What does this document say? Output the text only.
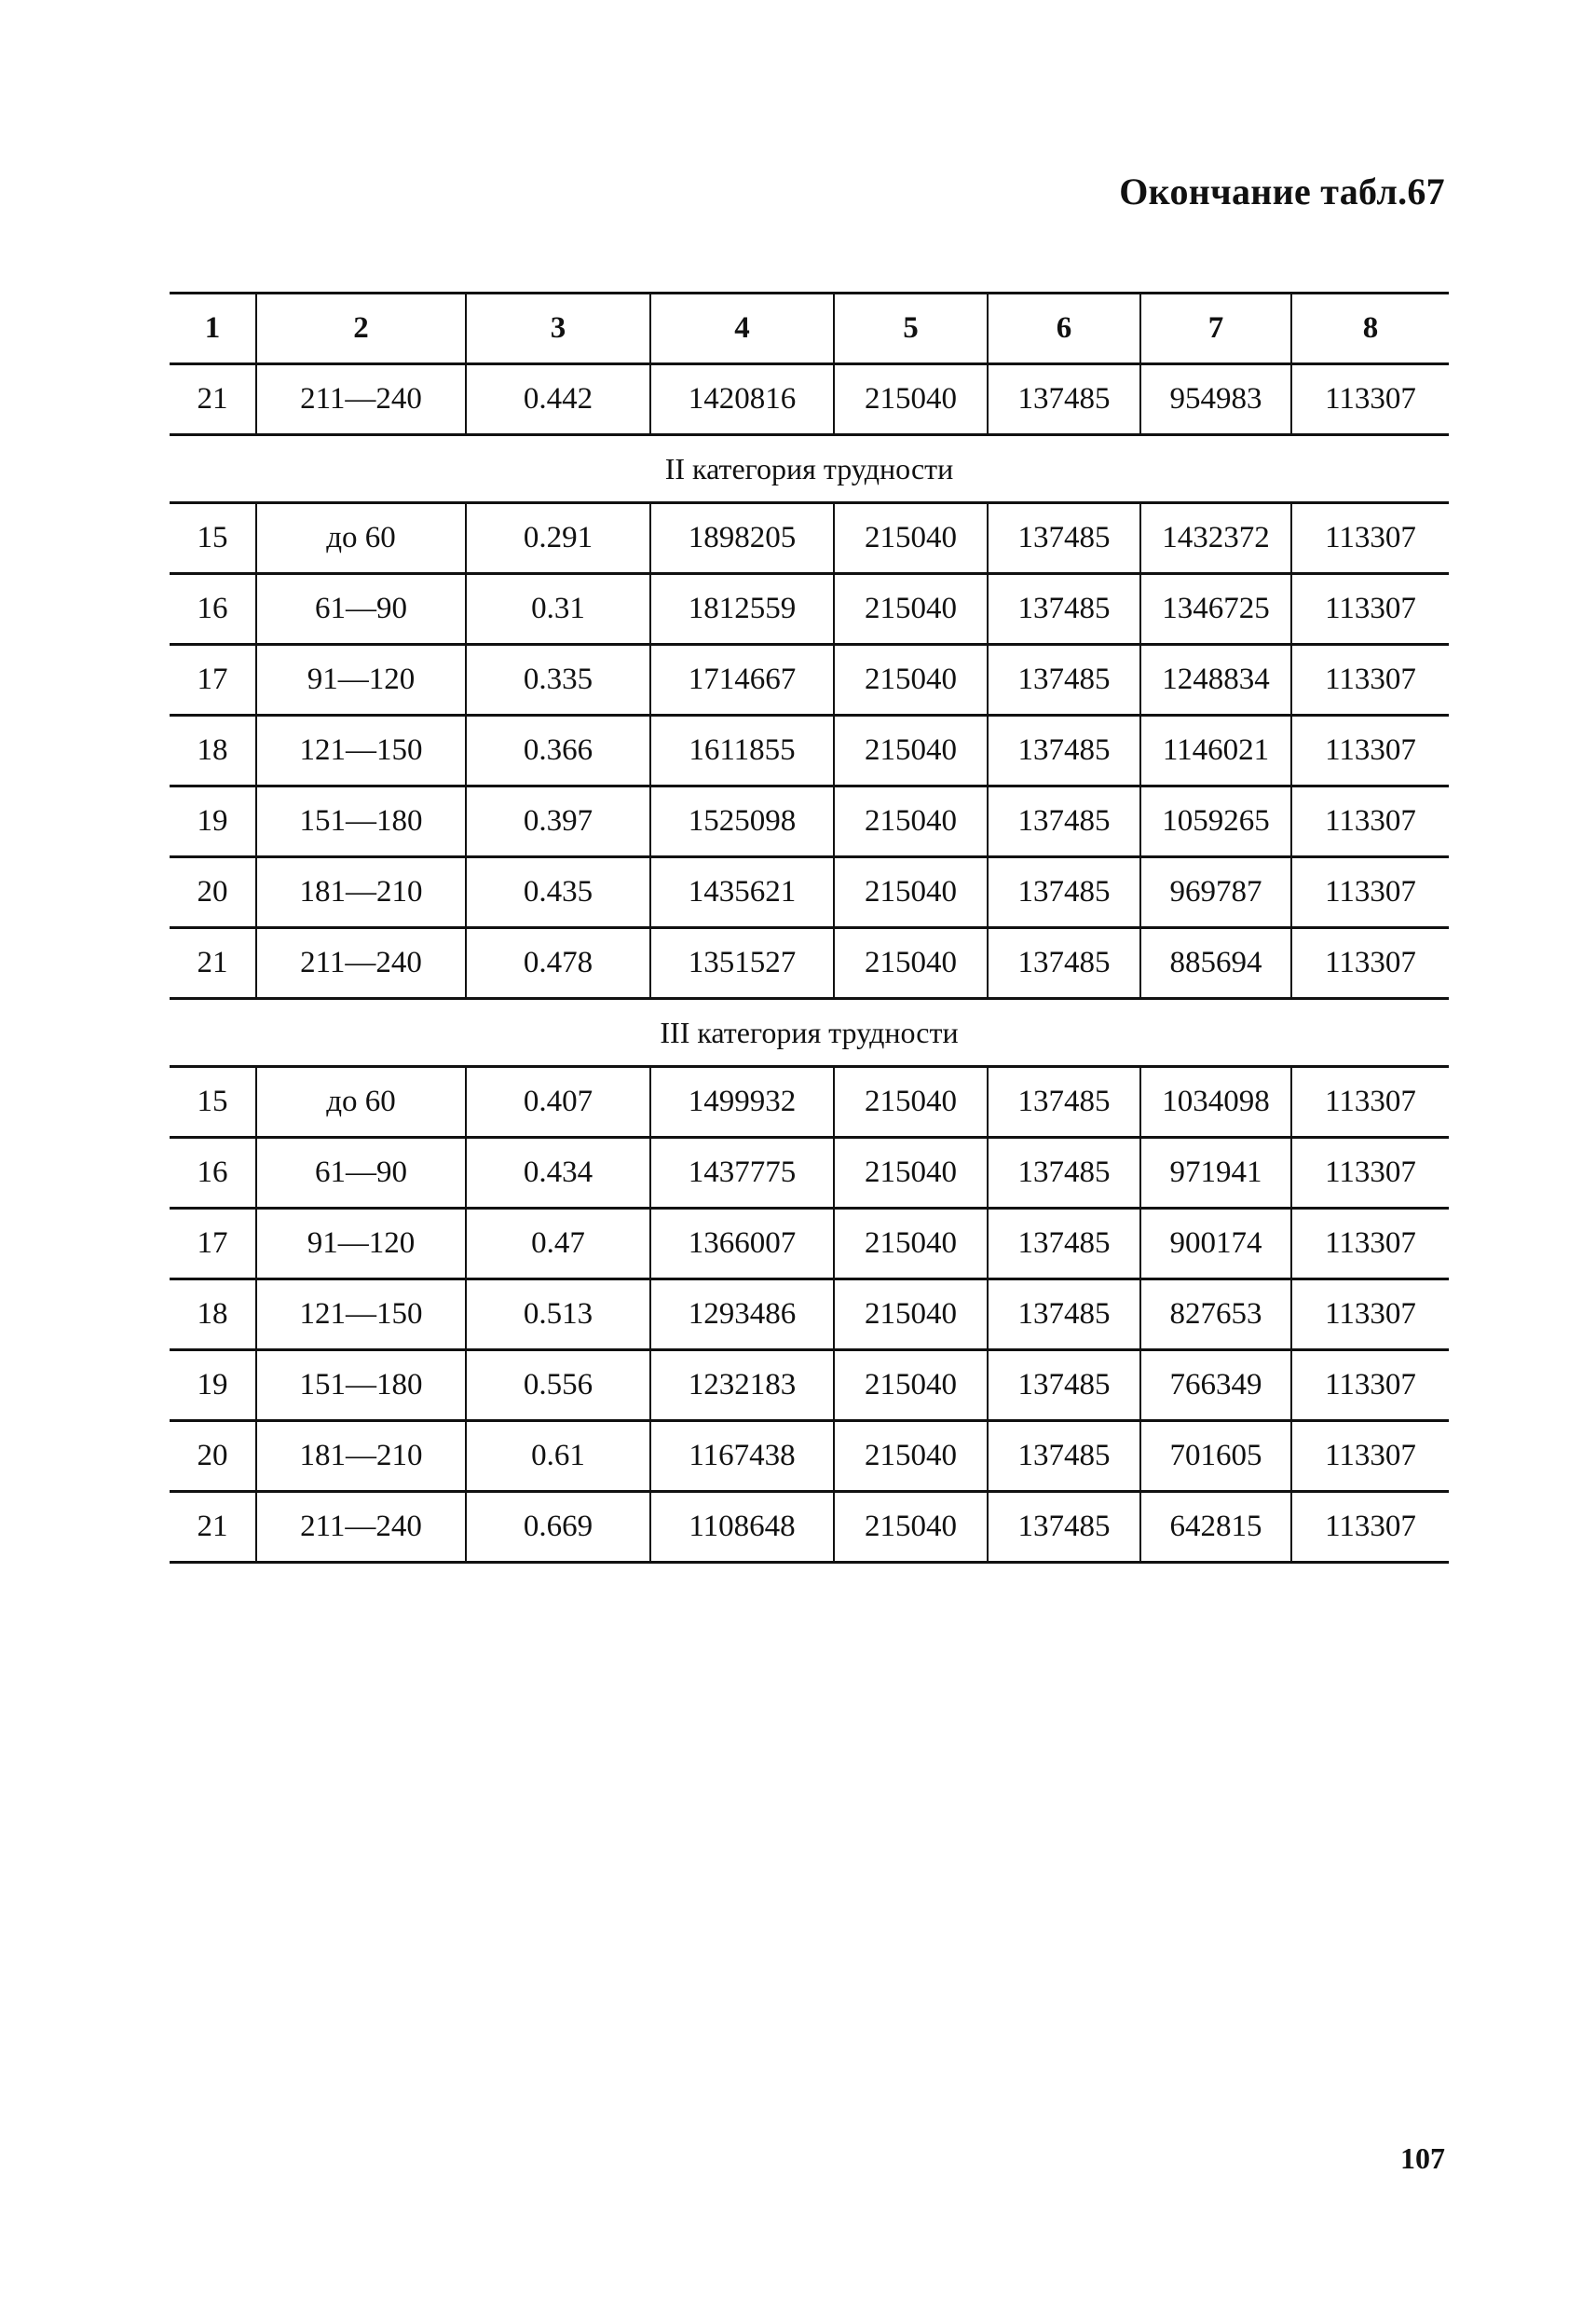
Окончание табл.67
1	2	3	4	5	6	7	8
21	211—240	0.442	1420816	215040	137485	954983	113307
II категория трудности							
15	до 60	0.291	1898205	215040	137485	1432372	113307
16	61—90	0.31	1812559	215040	137485	1346725	113307
17	91—120	0.335	1714667	215040	137485	1248834	113307
18	121—150	0.366	1611855	215040	137485	1146021	113307
19	151—180	0.397	1525098	215040	137485	1059265	113307
20	181—210	0.435	1435621	215040	137485	969787	113307
21	211—240	0.478	1351527	215040	137485	885694	113307
III категория трудности							
15	до 60	0.407	1499932	215040	137485	1034098	113307
16	61—90	0.434	1437775	215040	137485	971941	113307
17	91—120	0.47	1366007	215040	137485	900174	113307
18	121—150	0.513	1293486	215040	137485	827653	113307
19	151—180	0.556	1232183	215040	137485	766349	113307
20	181—210	0.61	1167438	215040	137485	701605	113307
21	211—240	0.669	1108648	215040	137485	642815	113307
107
